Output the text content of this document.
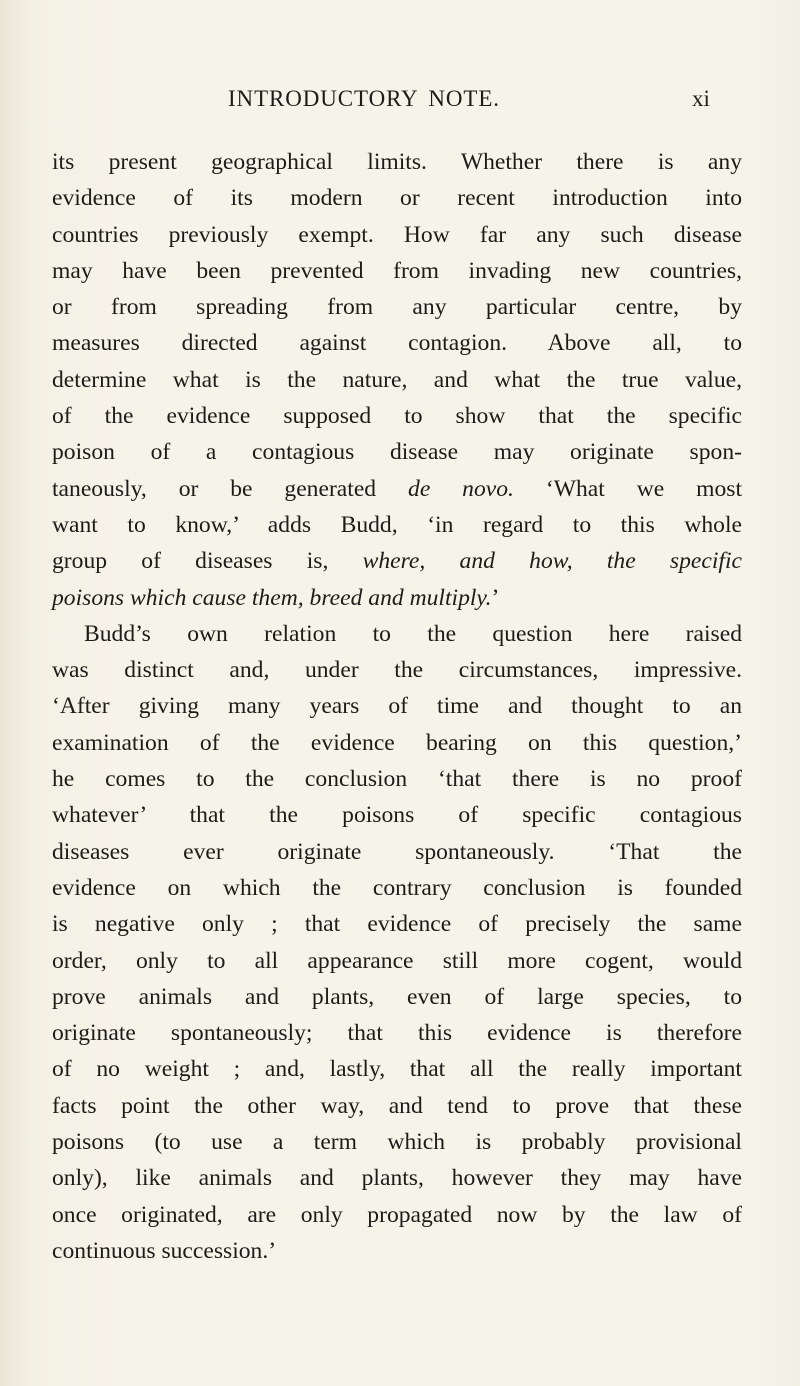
INTRODUCTORY NOTE.	xi
its present geographical limits. Whether there is any
evidence of its modern or recent introduction into
countries previously exempt. How far any such disease
may have been prevented from invading new countries,
or from spreading from any particular centre, by
measures directed against contagion. Above all, to
determine what is the nature, and what the true value,
of the evidence supposed to show that the specific
poison of a contagious disease may originate spon-
taneously, or be generated de novo. ‘What we most
want to know,’ adds Budd, ‘in regard to this whole
group of diseases is, where, and how, the specific
poisons which cause them, breed and multiply.’
Budd’s own relation to the question here raised
was distinct and, under the circumstances, impressive.
‘After giving many years of time and thought to an
examination of the evidence bearing on this question,’
he comes to the conclusion ‘that there is no proof
whatever’ that the poisons of specific contagious
diseases ever originate spontaneously. ‘That the
evidence on which the contrary conclusion is founded
is negative only ; that evidence of precisely the same
order, only to all appearance still more cogent, would
prove animals and plants, even of large species, to
originate spontaneously; that this evidence is therefore
of no weight ; and, lastly, that all the really important
facts point the other way, and tend to prove that these
poisons (to use a term which is probably provisional
only), like animals and plants, however they may have
once originated, are only propagated now by the law of
continuous succession.’
